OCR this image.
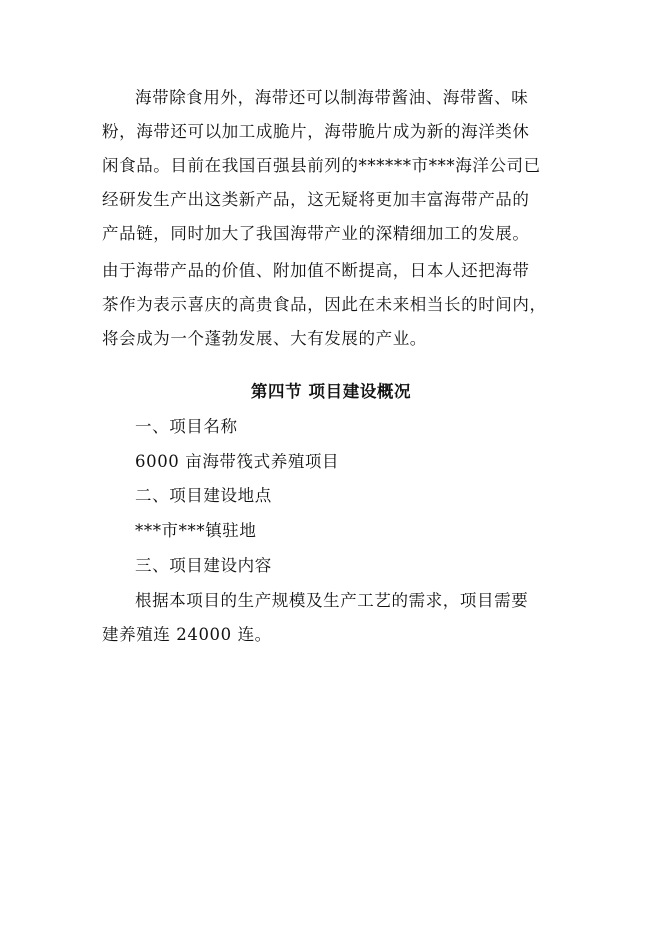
海带除食用外，海带还可以制海带酱油、海带酱、味
粉，海带还可以加工成脆片，海带脆片成为新的海洋类休
闲食品。目前在我国百强县前列的******市***海洋公司已
经研发生产出这类新产品，这无疑将更加丰富海带产品的
产品链，同时加大了我国海带产业的深精细加工的发展。
由于海带产品的价值、附加值不断提高，日本人还把海带
茶作为表示喜庆的高贵食品，因此在未来相当长的时间内，
将会成为一个蓬勃发展、大有发展的产业。
第四节 项目建设概况
一、项目名称
6000 亩海带筏式养殖项目
二、项目建设地点
***市***镇驻地
三、项目建设内容
根据本项目的生产规模及生产工艺的需求，项目需要
建养殖连 24000 连。
